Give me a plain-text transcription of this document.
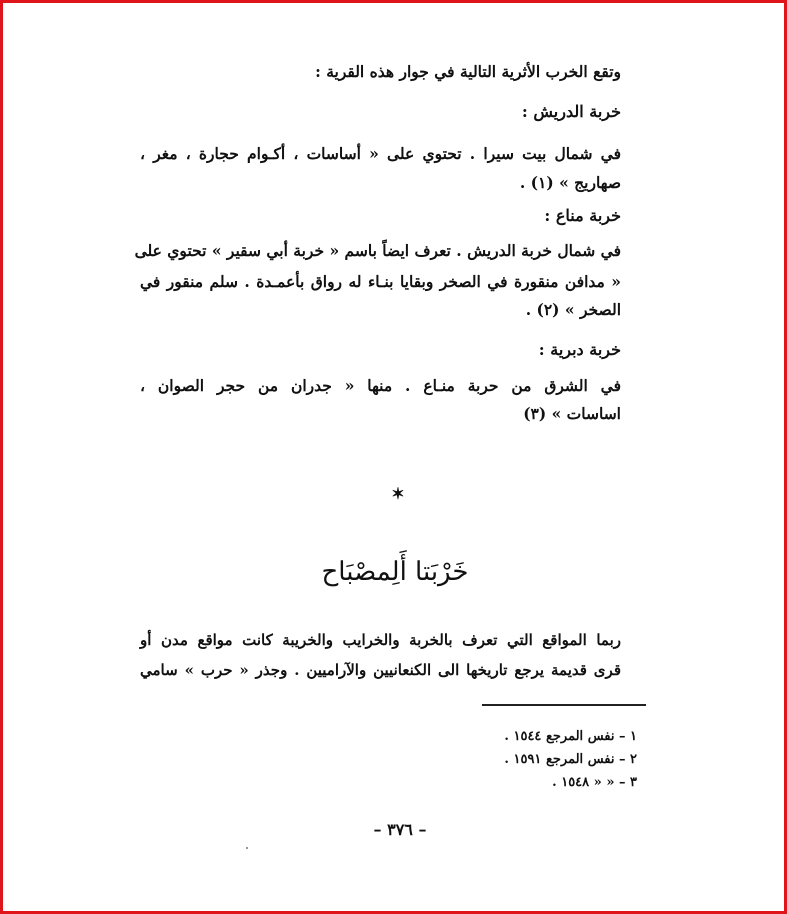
وتقع الخرب الأثرية التالية في جوار هذه القرية :
خربة الدريش :
في شمال بيت سيرا . تحتوي على « أساسات ، أكـوام حجارة ، مغر ،
صهاريج » (١) .
خربة مناع :
في شمال خربة الدريش . تعرف ايضاً باسم « خربة أبي سقير » تحتوي على
« مدافن منقورة في الصخر وبقايا بنـاء له رواق بأعمـدة . سلم منقور في
الصخر » (٢) .
خربة دبرية :
في الشرق من حربة منـاع . منها « جدران من حجر الصوان ،
اساسات » (٣)
✶
خَرْبَتا أَلِمصْبَاح
ربما المواقع التي تعرف بالخربة والخرايب والخريبة كانت مواقع مدن أو
قرى قديمة يرجع تاريخها الى الكنعانيين والآراميين . وجذر « حرب » سامي
١ – نفس المرجع ١٥٤٤ .
٢ – نفس المرجع ١٥٩١ .
٣ – « « ١٥٤٨ .
– ٣٧٦ –
